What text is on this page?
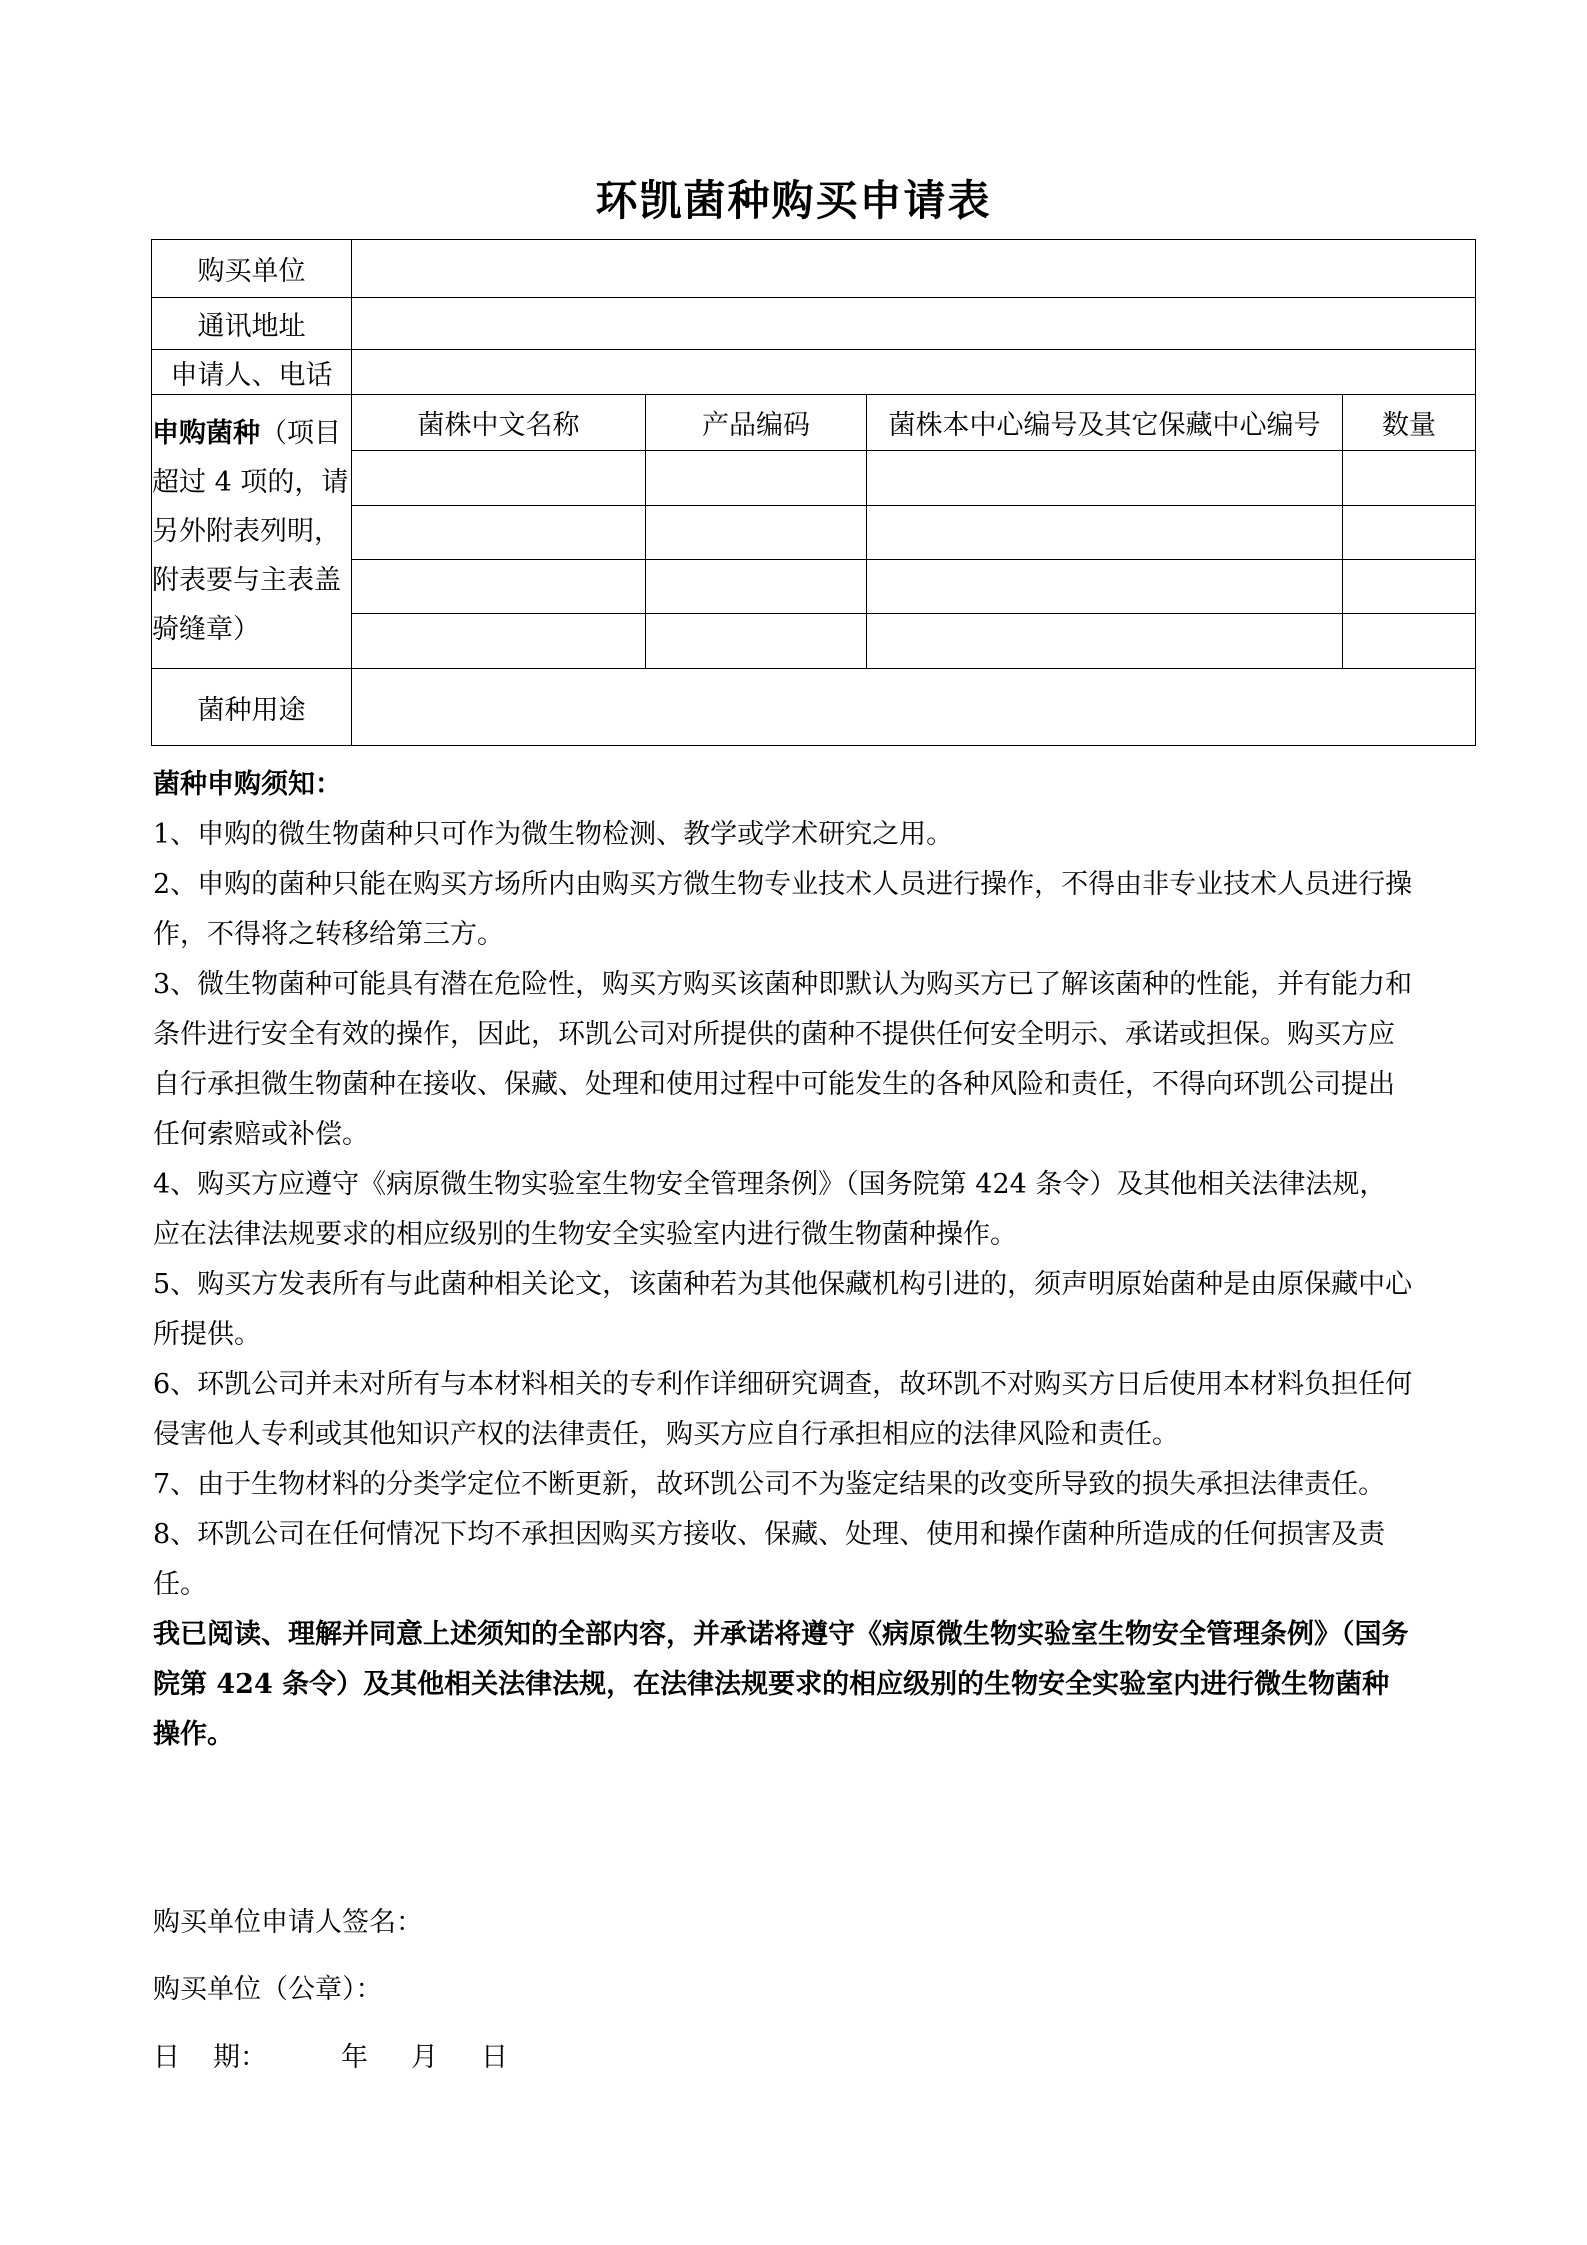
环凯菌种购买申请表
购买单位				
通讯地址				
申请人、电话				
申购菌种（项目超过 4 项的，请另外附表列明，附表要与主表盖骑缝章）	菌株中文名称	产品编码	菌株本中心编号及其它保藏中心编号	数量

菌种用途				

菌种申购须知：

1、申购的微生物菌种只可作为微生物检测、教学或学术研究之用。

2、申购的菌种只能在购买方场所内由购买方微生物专业技术人员进行操作，不得由非专业技术人员进行操作，不得将之转移给第三方。

3、微生物菌种可能具有潜在危险性，购买方购买该菌种即默认为购买方已了解该菌种的性能，并有能力和条件进行安全有效的操作，因此，环凯公司对所提供的菌种不提供任何安全明示、承诺或担保。购买方应自行承担微生物菌种在接收、保藏、处理和使用过程中可能发生的各种风险和责任，不得向环凯公司提出任何索赔或补偿。

4、购买方应遵守《病原微生物实验室生物安全管理条例》（国务院第 424 条令）及其他相关法律法规，应在法律法规要求的相应级别的生物安全实验室内进行微生物菌种操作。

5、购买方发表所有与此菌种相关论文，该菌种若为其他保藏机构引进的，须声明原始菌种是由原保藏中心所提供。

6、环凯公司并未对所有与本材料相关的专利作详细研究调查，故环凯不对购买方日后使用本材料负担任何侵害他人专利或其他知识产权的法律责任，购买方应自行承担相应的法律风险和责任。

7、由于生物材料的分类学定位不断更新，故环凯公司不为鉴定结果的改变所导致的损失承担法律责任。

8、环凯公司在任何情况下均不承担因购买方接收、保藏、处理、使用和操作菌种所造成的任何损害及责任。

我已阅读、理解并同意上述须知的全部内容，并承诺将遵守《病原微生物实验室生物安全管理条例》（国务院第 424 条令）及其他相关法律法规，在法律法规要求的相应级别的生物安全实验室内进行微生物菌种操作。

购买单位申请人签名：
购买单位（公章）：
日 期：	年 月 日
